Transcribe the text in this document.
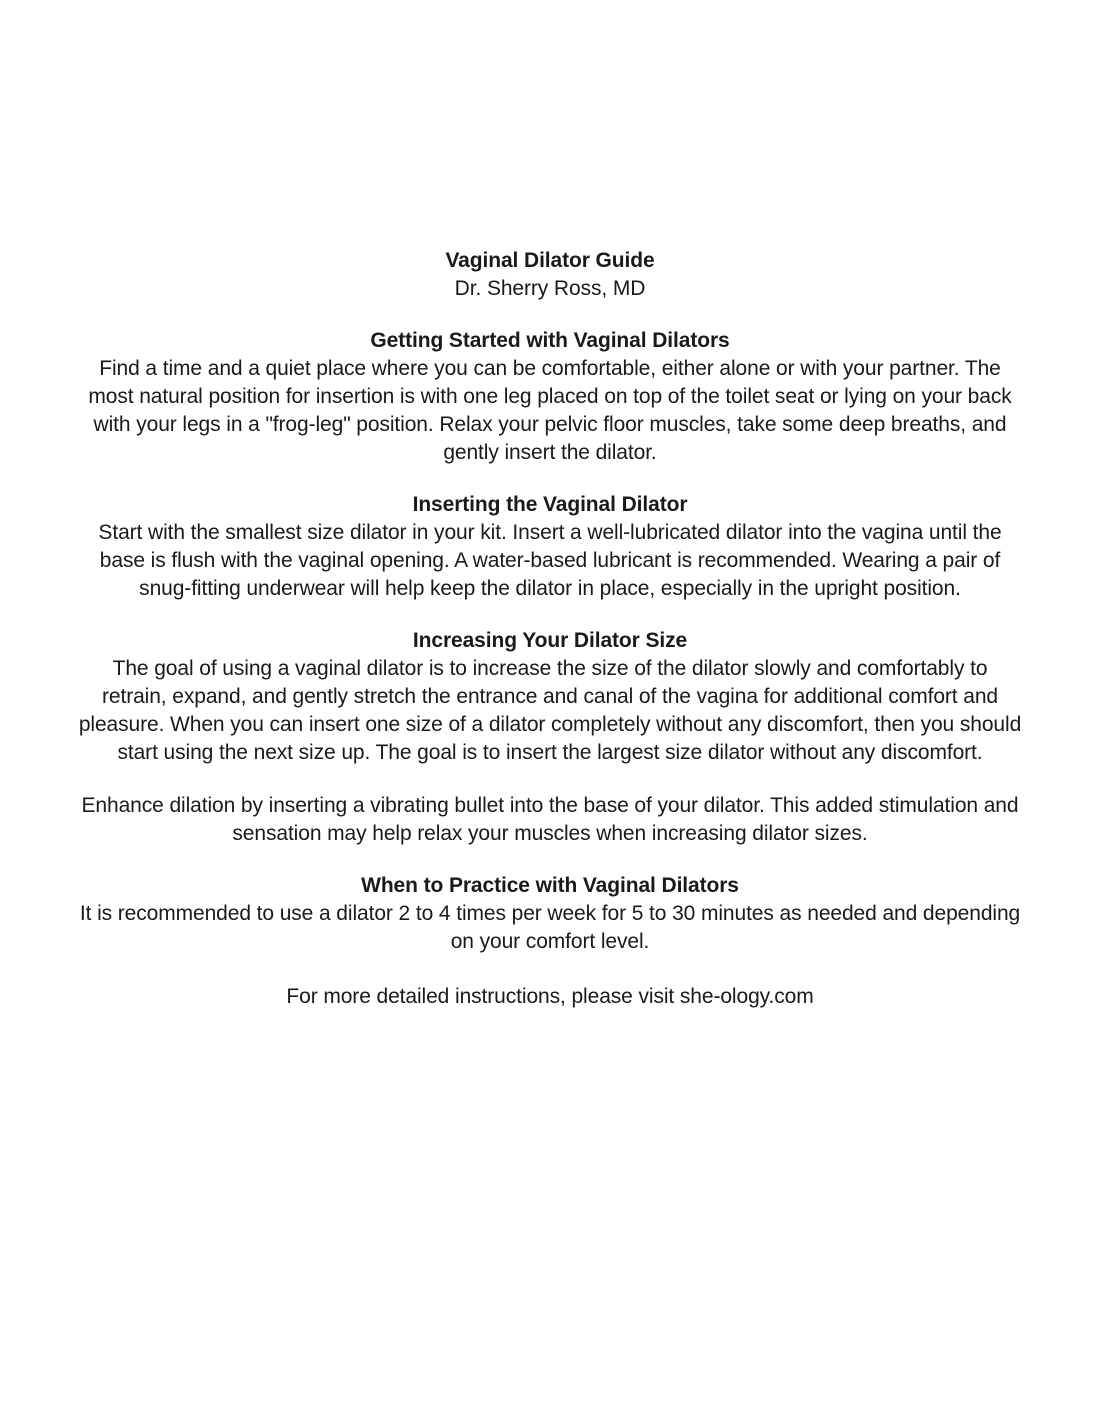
Vaginal Dilator Guide

Dr. Sherry Ross, MD

Getting Started with Vaginal Dilators

Find a time and a quiet place where you can be comfortable, either alone or with your partner. The most natural position for insertion is with one leg placed on top of the toilet seat or lying on your back with your legs in a "frog-leg" position. Relax your pelvic floor muscles, take some deep breaths, and gently insert the dilator.

Inserting the Vaginal Dilator

Start with the smallest size dilator in your kit. Insert a well-lubricated dilator into the vagina until the base is flush with the vaginal opening. A water-based lubricant is recommended. Wearing a pair of snug-fitting underwear will help keep the dilator in place, especially in the upright position.

Increasing Your Dilator Size

The goal of using a vaginal dilator is to increase the size of the dilator slowly and comfortably to retrain, expand, and gently stretch the entrance and canal of the vagina for additional comfort and pleasure. When you can insert one size of a dilator completely without any discomfort, then you should start using the next size up. The goal is to insert the largest size dilator without any discomfort.

Enhance dilation by inserting a vibrating bullet into the base of your dilator. This added stimulation and sensation may help relax your muscles when increasing dilator sizes.

When to Practice with Vaginal Dilators

It is recommended to use a dilator 2 to 4 times per week for 5 to 30 minutes as needed and depending on your comfort level.

For more detailed instructions, please visit she-ology.com
